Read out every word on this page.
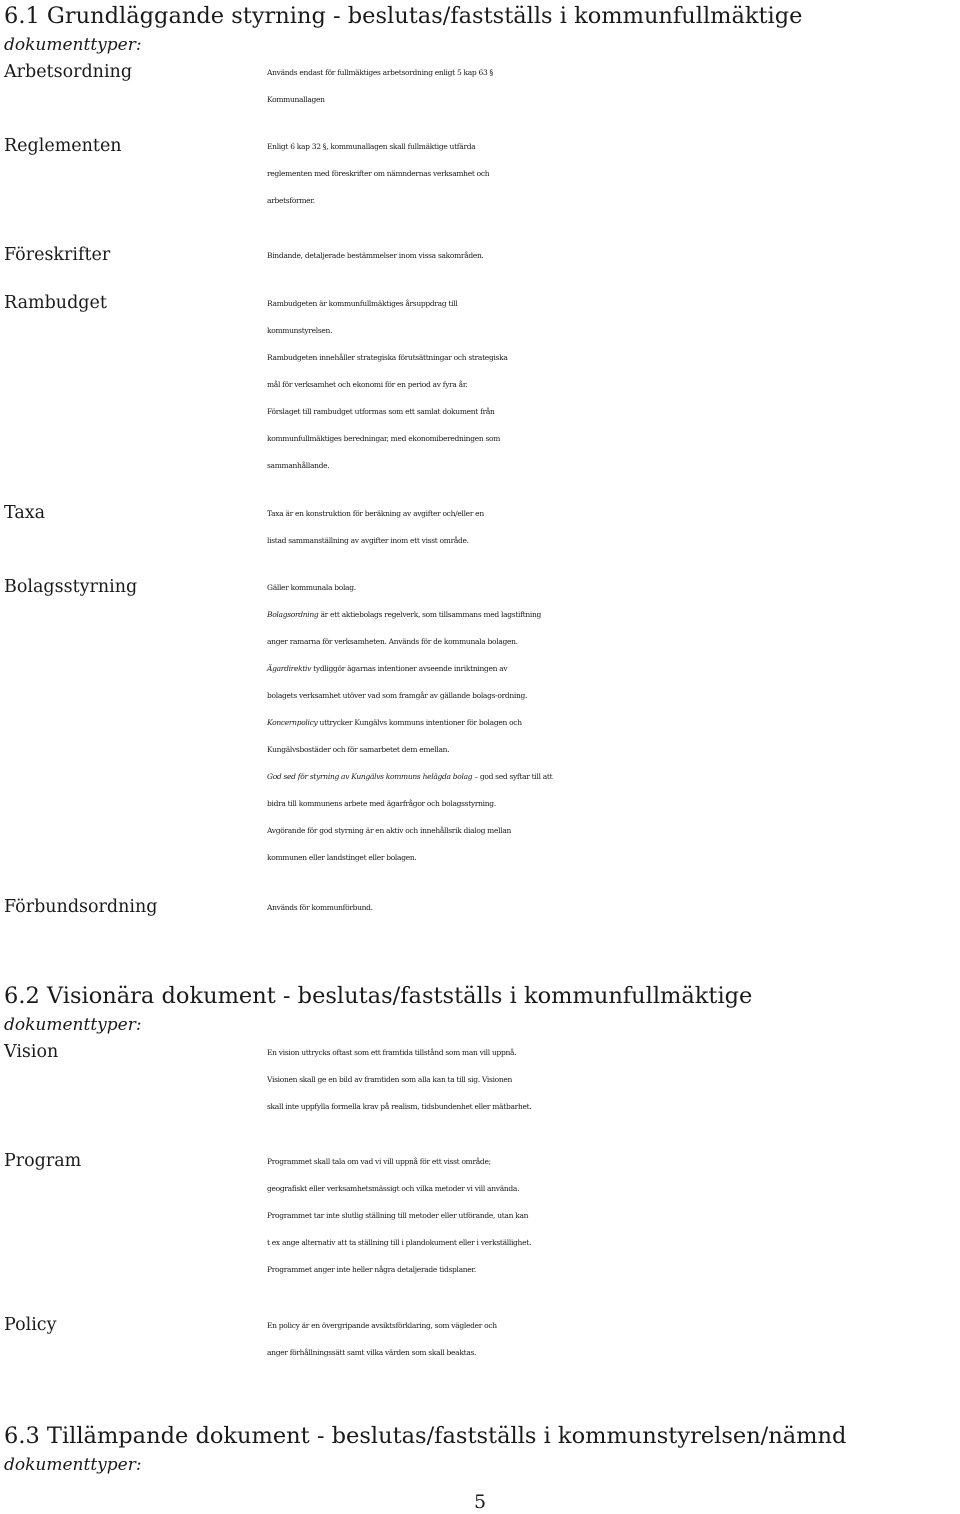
6.1 Grundläggande styrning - beslutas/fastställs i kommunfullmäktige
dokumenttyper:
Arbetsordning	Används endast för fullmäktiges arbetsordning enligt 5 kap 63 §
Kommunallagen
Reglementen	Enligt 6 kap 32 §, kommunallagen skall fullmäktige utfärda
reglementen med föreskrifter om nämndernas verksamhet och
arbetsformer.
Föreskrifter	Bindande, detaljerade bestämmelser inom vissa sakområden.
Rambudget	Rambudgeten är kommunfullmäktiges årsuppdrag till
kommunstyrelsen.
Rambudgeten innehåller strategiska förutsättningar och strategiska
mål för verksamhet och ekonomi för en period av fyra år.
Förslaget till rambudget utformas som ett samlat dokument från
kommunfullmäktiges beredningar, med ekonomiberedningen som
sammanhållande.
Taxa	Taxa är en konstruktion för beräkning av avgifter och/eller en
listad sammanställning av avgifter inom ett visst område.
Bolagsstyrning	Gäller kommunala bolag.
Bolagsordning är ett aktiebolags regelverk, som tillsammans med lagstiftning
anger ramarna för verksamheten. Används för de kommunala bolagen.
Ägardirektiv tydliggör ägarnas intentioner avseende inriktningen av
bolagets verksamhet utöver vad som framgår av gällande bolags-ordning.
Koncernpolicy uttrycker Kungälvs kommuns intentioner för bolagen och
Kungälvsbostäder och för samarbetet dem emellan.
God sed för styrning av Kungälvs kommuns helägda bolag – god sed syftar till att
bidra till kommunens arbete med ägarfrågor och bolagsstyrning.
Avgörande för god styrning är en aktiv och innehållsrik dialog mellan
kommunen eller landstinget eller bolagen.
Förbundsordning	Används för kommunförbund.
6.2 Visionära dokument - beslutas/fastställs i kommunfullmäktige
dokumenttyper:
Vision	En vision uttrycks oftast som ett framtida tillstånd som man vill uppnå.
Visionen skall ge en bild av framtiden som alla kan ta till sig. Visionen
skall inte uppfylla formella krav på realism, tidsbundenhet eller mätbarhet.
Program	Programmet skall tala om vad vi vill uppnå för ett visst område;
geografiskt eller verksamhetsmässigt och vilka metoder vi vill använda.
Programmet tar inte slutlig ställning till metoder eller utförande, utan kan
t ex ange alternativ att ta ställning till i plandokument eller i verkställighet.
Programmet anger inte heller några detaljerade tidsplaner.
Policy	En policy är en övergripande avsiktsförklaring, som vägleder och
anger förhållningssätt samt vilka värden som skall beaktas.
6.3 Tillämpande dokument - beslutas/fastställs i kommunstyrelsen/nämnd
dokumenttyper:
5
